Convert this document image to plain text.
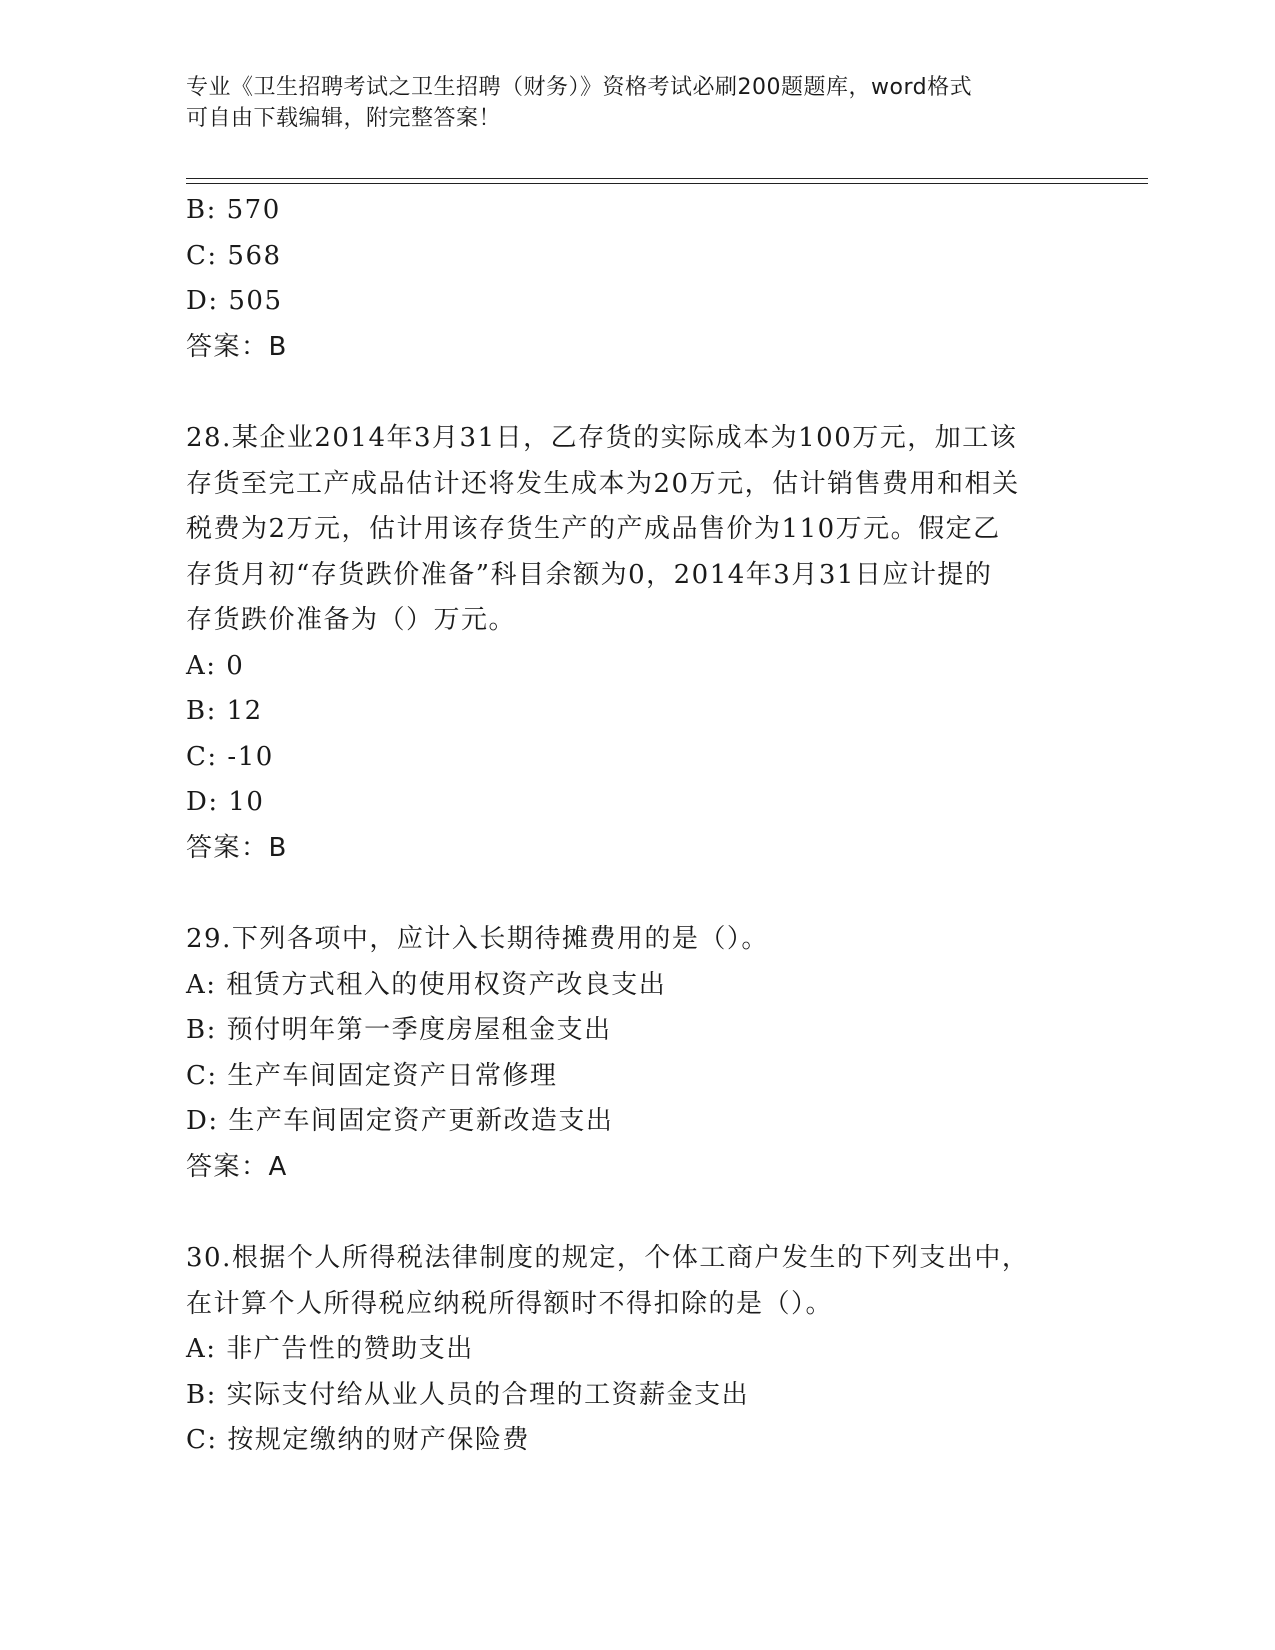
专业《卫生招聘考试之卫生招聘（财务）》资格考试必刷200题题库，word格式
可自由下载编辑，附完整答案！
B: 570
C: 568
D: 505
答案：B
28.某企业2014年3月31日，乙存货的实际成本为100万元，加工该
存货至完工产成品估计还将发生成本为20万元，估计销售费用和相关
税费为2万元，估计用该存货生产的产成品售价为110万元。假定乙
存货月初“存货跌价准备”科目余额为0，2014年3月31日应计提的
存货跌价准备为（）万元。
A: 0
B: 12
C: -10
D: 10
答案：B
29.下列各项中，应计入长期待摊费用的是（）。
A: 租赁方式租入的使用权资产改良支出
B: 预付明年第一季度房屋租金支出
C: 生产车间固定资产日常修理
D: 生产车间固定资产更新改造支出
答案：A
30.根据个人所得税法律制度的规定，个体工商户发生的下列支出中，
在计算个人所得税应纳税所得额时不得扣除的是（）。
A: 非广告性的赞助支出
B: 实际支付给从业人员的合理的工资薪金支出
C: 按规定缴纳的财产保险费
